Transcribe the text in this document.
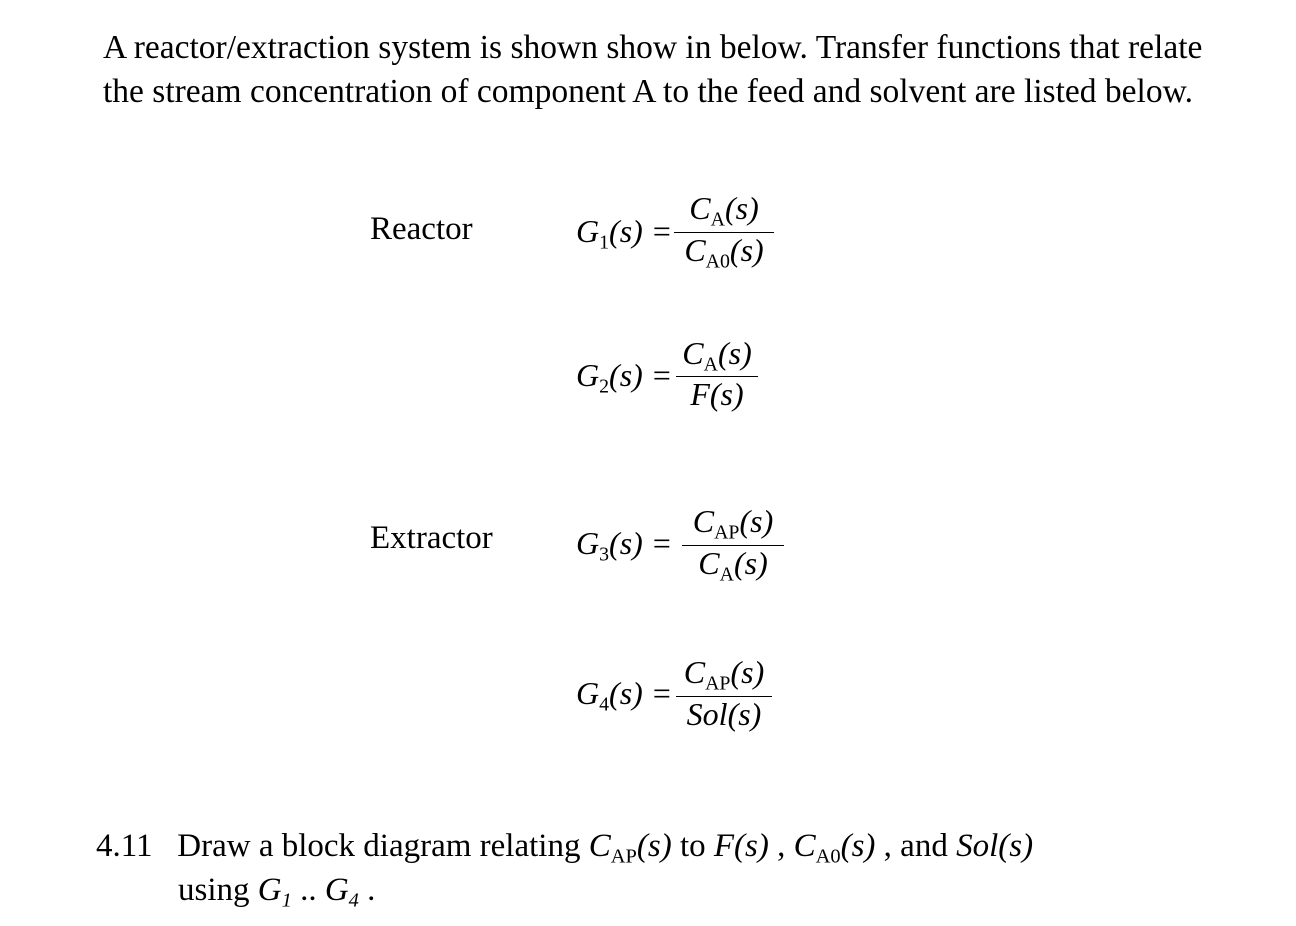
A reactor/extraction system is shown show in below. Transfer functions that relate
the stream concentration of component A to the feed and solvent are listed below.
Reactor
Extractor
$G_1(s)$ =
$C_A(s)$
$C_{A0}(s)$
$G_2(s)$ =
$C_A(s)$
F(s)
$G_3(s)$ =
$C_{AP}(s)$
$C_A(s)$
$G_4(s)$ =
$C_{AP}(s)$
Sol(s)
4.11 Draw a block diagram relating $C_{AP}(s)$ to F(s) , $C_{A0}(s)$ , and Sol(s)
using $G_1$ .. $G_4$ .
